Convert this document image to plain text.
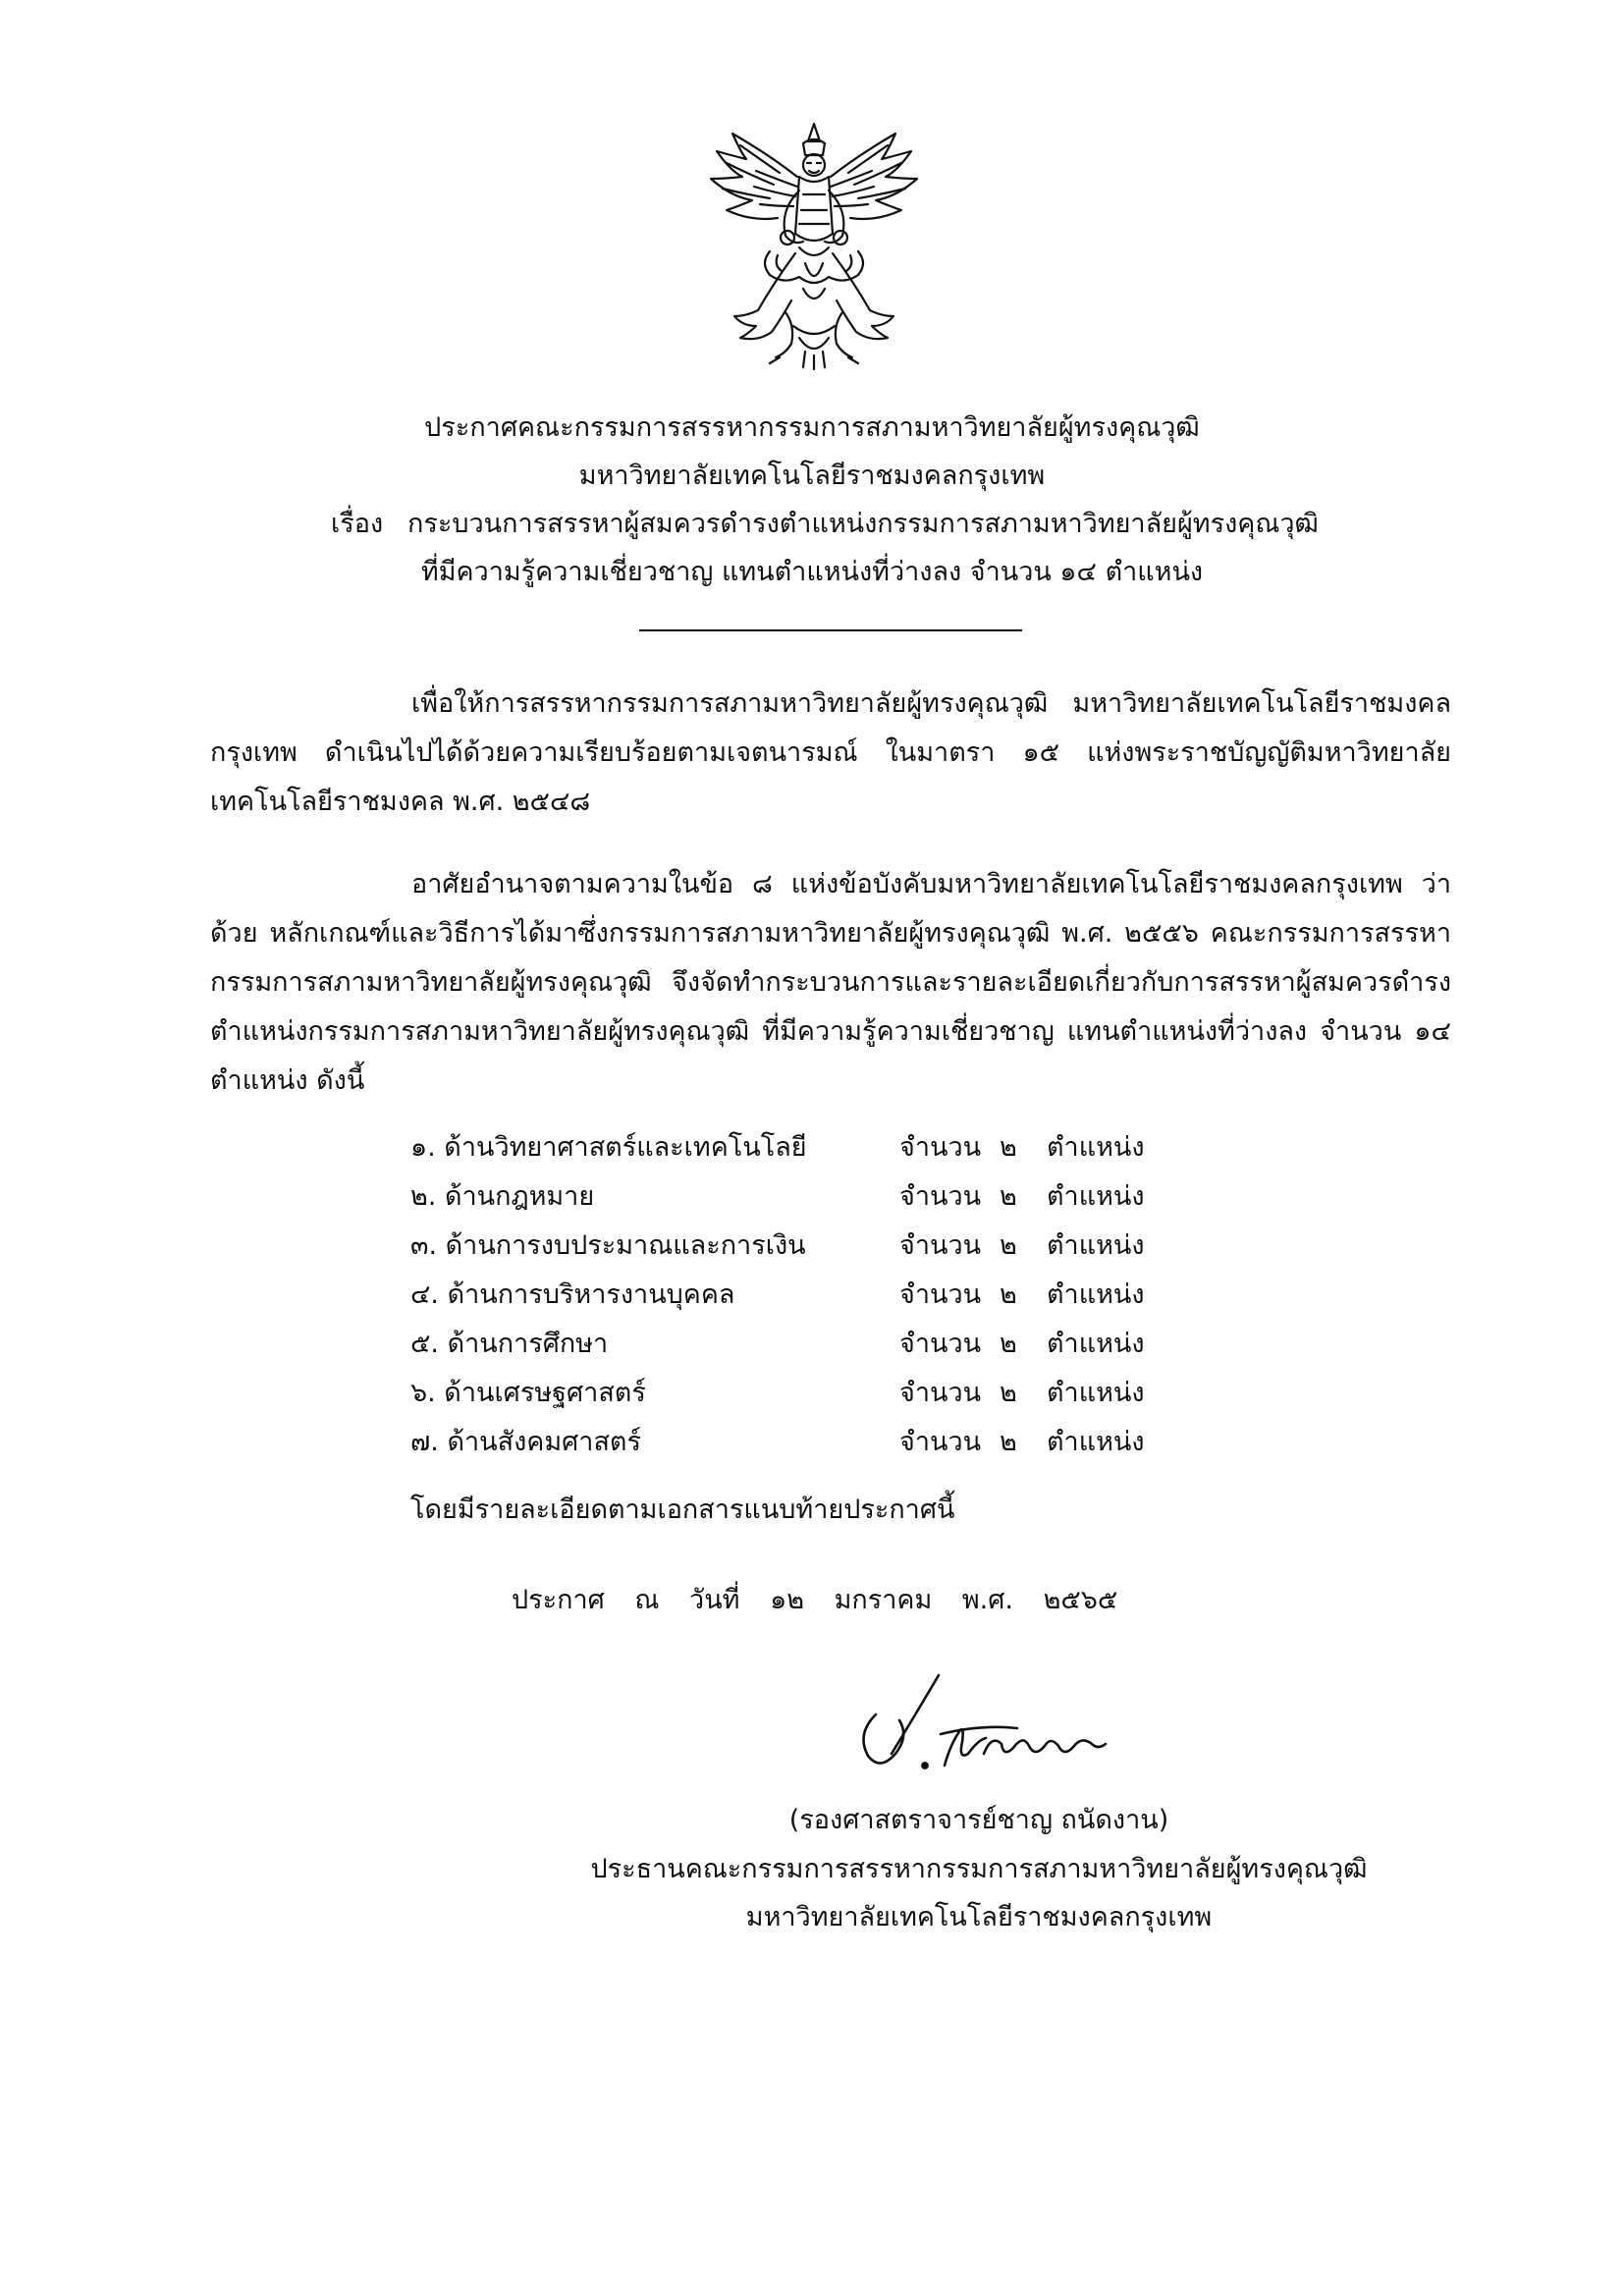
ประกาศคณะกรรมการสรรหากรรมการสภามหาวิทยาลัยผู้ทรงคุณวุฒิ
มหาวิทยาลัยเทคโนโลยีราชมงคลกรุงเทพ
เรื่อง กระบวนการสรรหาผู้สมควรดำรงตำแหน่งกรรมการสภามหาวิทยาลัยผู้ทรงคุณวุฒิ
ที่มีความรู้ความเชี่ยวชาญ แทนตำแหน่งที่ว่างลง จำนวน ๑๔ ตำแหน่ง
เพื่อให้การสรรหากรรมการสภามหาวิทยาลัยผู้ทรงคุณวุฒิ มหาวิทยาลัยเทคโนโลยีราชมงคลกรุงเทพ ดำเนินไปได้ด้วยความเรียบร้อยตามเจตนารมณ์ ในมาตรา ๑๕ แห่งพระราชบัญญัติมหาวิทยาลัยเทคโนโลยีราชมงคล พ.ศ. ๒๕๔๘
อาศัยอำนาจตามความในข้อ ๘ แห่งข้อบังคับมหาวิทยาลัยเทคโนโลยีราชมงคลกรุงเทพ ว่าด้วย หลักเกณฑ์และวิธีการได้มาซึ่งกรรมการสภามหาวิทยาลัยผู้ทรงคุณวุฒิ พ.ศ. ๒๕๕๖ คณะกรรมการสรรหากรรมการสภามหาวิทยาลัยผู้ทรงคุณวุฒิ จึงจัดทำกระบวนการและรายละเอียดเกี่ยวกับการสรรหาผู้สมควรดำรงตำแหน่งกรรมการสภามหาวิทยาลัยผู้ทรงคุณวุฒิ ที่มีความรู้ความเชี่ยวชาญ แทนตำแหน่งที่ว่างลง จำนวน ๑๔ ตำแหน่ง ดังนี้
๑. ด้านวิทยาศาสตร์และเทคโนโลยี	จำนวน ๒	ตำแหน่ง
๒. ด้านกฎหมาย	จำนวน ๒	ตำแหน่ง
๓. ด้านการงบประมาณและการเงิน	จำนวน ๒	ตำแหน่ง
๔. ด้านการบริหารงานบุคคล	จำนวน ๒	ตำแหน่ง
๕. ด้านการศึกษา	จำนวน ๒	ตำแหน่ง
๖. ด้านเศรษฐศาสตร์	จำนวน ๒	ตำแหน่ง
๗. ด้านสังคมศาสตร์	จำนวน ๒	ตำแหน่ง
โดยมีรายละเอียดตามเอกสารแนบท้ายประกาศนี้
ประกาศ ณ วันที่ ๑๒ มกราคม พ.ศ. ๒๕๖๕
(รองศาสตราจารย์ชาญ ถนัดงาน)
ประธานคณะกรรมการสรรหากรรมการสภามหาวิทยาลัยผู้ทรงคุณวุฒิ
มหาวิทยาลัยเทคโนโลยีราชมงคลกรุงเทพ
